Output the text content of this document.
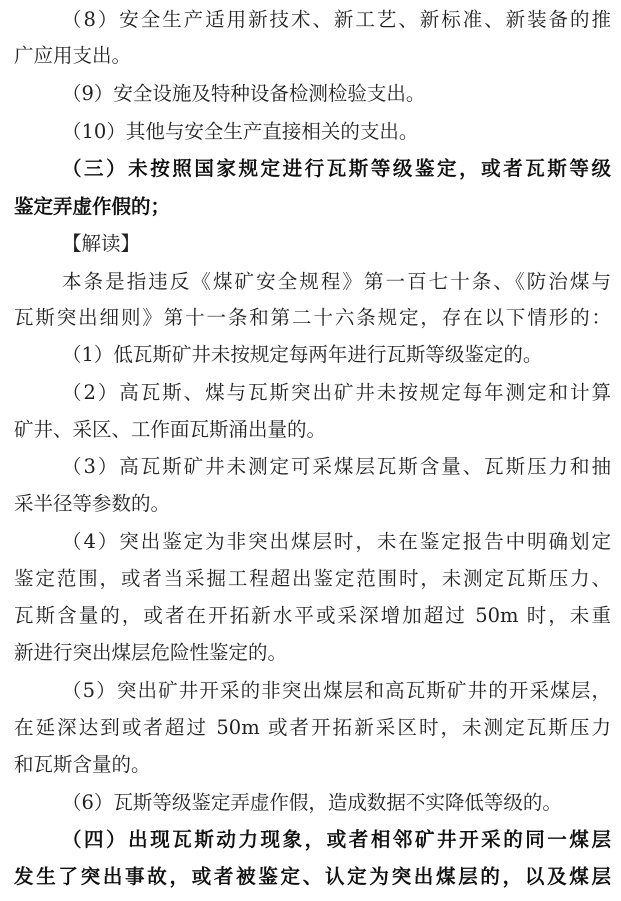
（8）安全生产适用新技术、新工艺、新标准、新装备的推
广应用支出。
（9）安全设施及特种设备检测检验支出。
（10）其他与安全生产直接相关的支出。
（三）未按照国家规定进行瓦斯等级鉴定，或者瓦斯等级
鉴定弄虚作假的；
【解读】
本条是指违反《煤矿安全规程》第一百七十条、《防治煤与
瓦斯突出细则》第十一条和第二十六条规定，存在以下情形的：
（1）低瓦斯矿井未按规定每两年进行瓦斯等级鉴定的。
（2）高瓦斯、煤与瓦斯突出矿井未按规定每年测定和计算
矿井、采区、工作面瓦斯涌出量的。
（3）高瓦斯矿井未测定可采煤层瓦斯含量、瓦斯压力和抽
采半径等参数的。
（4）突出鉴定为非突出煤层时，未在鉴定报告中明确划定
鉴定范围，或者当采掘工程超出鉴定范围时，未测定瓦斯压力、
瓦斯含量的，或者在开拓新水平或采深增加超过 50m 时，未重
新进行突出煤层危险性鉴定的。
（5）突出矿井开采的非突出煤层和高瓦斯矿井的开采煤层，
在延深达到或者超过 50m 或者开拓新采区时，未测定瓦斯压力
和瓦斯含量的。
（6）瓦斯等级鉴定弄虚作假，造成数据不实降低等级的。
（四）出现瓦斯动力现象，或者相邻矿井开采的同一煤层
发生了突出事故，或者被鉴定、认定为突出煤层的，以及煤层
